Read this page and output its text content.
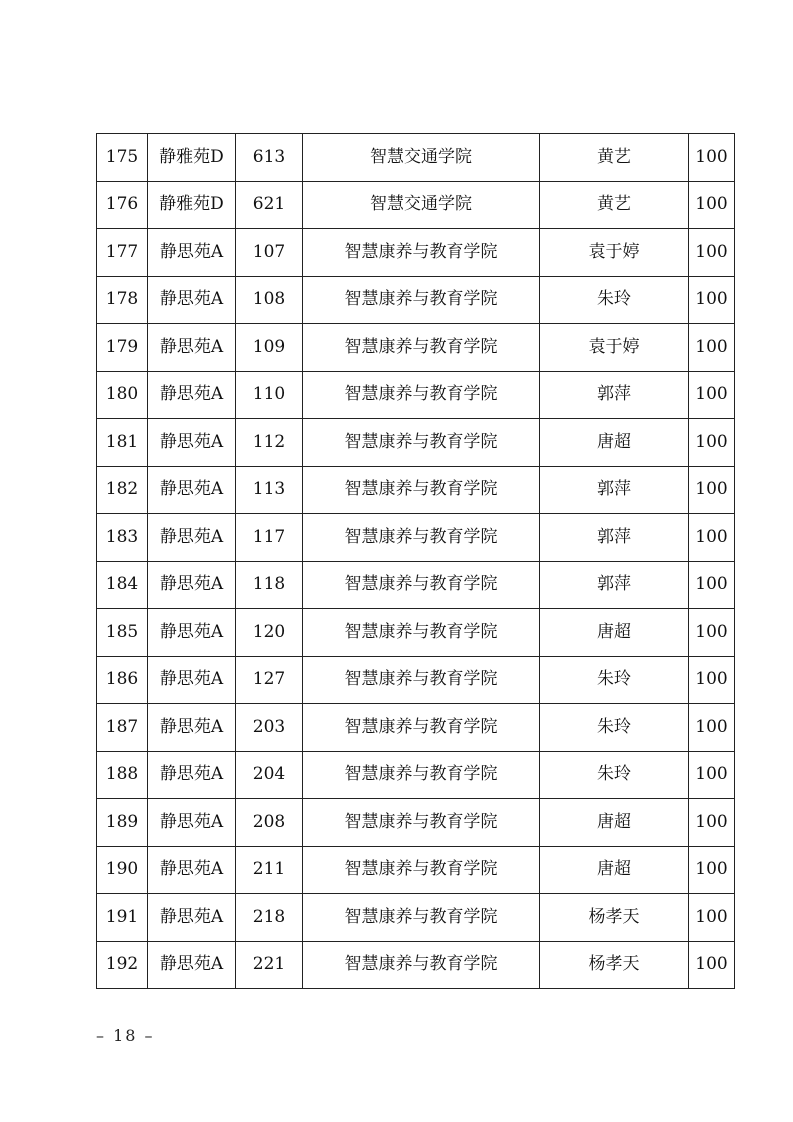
175	静雅苑D	613	智慧交通学院	黄艺	100
176	静雅苑D	621	智慧交通学院	黄艺	100
177	静思苑A	107	智慧康养与教育学院	袁于婷	100
178	静思苑A	108	智慧康养与教育学院	朱玲	100
179	静思苑A	109	智慧康养与教育学院	袁于婷	100
180	静思苑A	110	智慧康养与教育学院	郭萍	100
181	静思苑A	112	智慧康养与教育学院	唐超	100
182	静思苑A	113	智慧康养与教育学院	郭萍	100
183	静思苑A	117	智慧康养与教育学院	郭萍	100
184	静思苑A	118	智慧康养与教育学院	郭萍	100
185	静思苑A	120	智慧康养与教育学院	唐超	100
186	静思苑A	127	智慧康养与教育学院	朱玲	100
187	静思苑A	203	智慧康养与教育学院	朱玲	100
188	静思苑A	204	智慧康养与教育学院	朱玲	100
189	静思苑A	208	智慧康养与教育学院	唐超	100
190	静思苑A	211	智慧康养与教育学院	唐超	100
191	静思苑A	218	智慧康养与教育学院	杨孝天	100
192	静思苑A	221	智慧康养与教育学院	杨孝天	100
– 18 –
